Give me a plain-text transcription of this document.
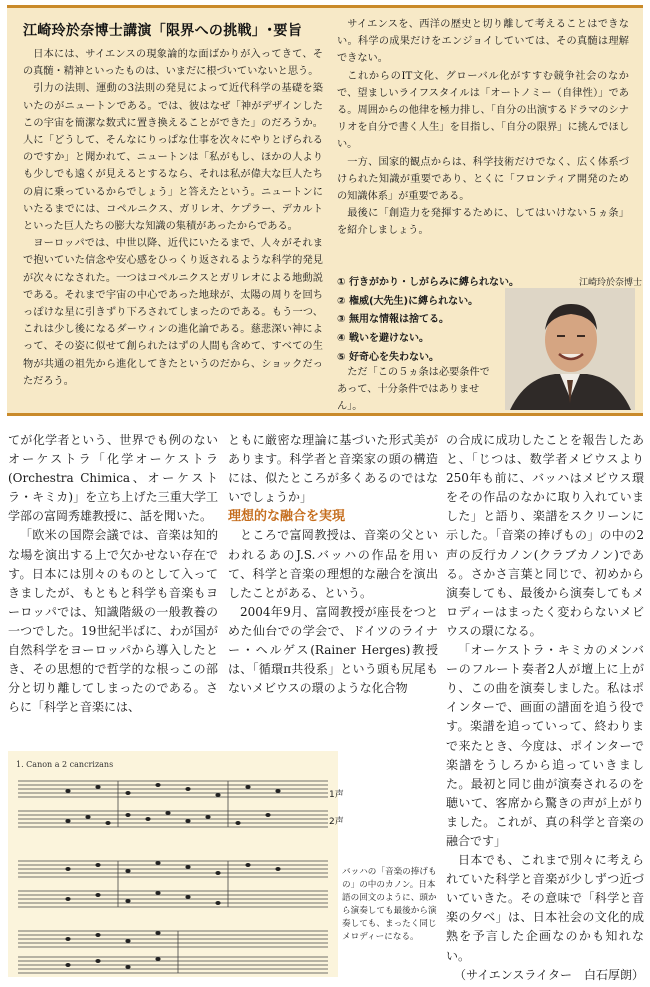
江崎玲於奈博士講演「限界への挑戦」･要旨

日本には、サイエンスの現象論的な面ばかりが入ってきて、その真髄・精神といったものは、いまだに根づいていないと思う。

引力の法則、運動の3法則の発見によって近代科学の基礎を築いたのがニュートンである。では、彼はなぜ「神がデザインしたこの宇宙を簡潔な数式に置き換えることができた」のだろうか。人に「どうして、そんなにりっぱな仕事を次々にやりとげられるのですか」と聞かれて、ニュートンは「私がもし、ほかの人よりも少しでも遠くが見えるとするなら、それは私が偉大な巨人たちの肩に乗っているからでしょう」と答えたという。ニュートンにいたるまでには、コペルニクス、ガリレオ、ケプラー、デカルトといった巨人たちの膨大な知識の集積があったからである。

ヨーロッパでは、中世以降、近代にいたるまで、人々がそれまで抱いていた信念や安心感をひっくり返されるような科学的発見が次々になされた。一つはコペルニクスとガリレオによる地動説である。それまで宇宙の中心であった地球が、太陽の周りを回ちっぽけな星に引きずり下ろされてしまったのである。もう一つ、これは少し後になるダーウィンの進化論である。慈悲深い神によって、その姿に似せて創られたはずの人間も含めて、すべての生物が共通の祖先から進化してきたというのだから、ショックだっただろう。

サイエンスを、西洋の歴史と切り離して考えることはできない。科学の成果だけをエンジョイしていては、その真髄は理解できない。

これからのIT文化、グローバル化がすすむ競争社会のなかで、望ましいライフスタイルは「オートノミー（自律性）」である。周囲からの他律を極力排し、「自分の出演するドラマのシナリオを自分で書く人生」を目指し、「自分の限界」に挑んでほしい。

一方、国家的観点からは、科学技術だけでなく、広く体系づけられた知識が重要であり、とくに「フロンティア開発のための知識体系」が重要である。

最後に「創造力を発揮するために、してはいけない５ヵ条」を紹介しましょう。

① 行きがかり・しがらみに縛られない。
② 権威(大先生)に縛られない。
③ 無用な情報は捨てる。
④ 戦いを避けない。
⑤ 好奇心を失わない。
江崎玲於奈博士
ただ「この５ヵ条は必要条件であって、十分条件ではありません」。

てが化学者という、世界でも例のないオーケストラ「化学オーケストラ(Orchestra Chimica、オーケストラ・キミカ)」を立ち上げた三重大学工学部の富岡秀雄教授に、話を聞いた。

「欧米の国際会議では、音楽は知的な場を演出する上で欠かせない存在です。日本には別々のものとして入ってきましたが、もともと科学も音楽もヨーロッパでは、知識階級の一般教養の一つでした。19世紀半ばに、わが国が自然科学をヨーロッパから導入したとき、その思想的で哲学的な根っこの部分と切り離してしまったのである。さらに「科学と音楽には、

ともに厳密な理論に基づいた形式美があります。科学者と音楽家の頭の構造には、似たところが多くあるのではないでしょうか」

理想的な融合を実現

ところで富岡教授は、音楽の父といわれるあのJ.S.バッハの作品を用いて、科学と音楽の理想的な融合を演出したことがある、という。

2004年9月、富岡教授が座長をつとめた仙台での学会で、ドイツのライナー・ヘルゲス(Rainer Herges)教授は、「循環π共役系」という頭も尻尾もないメビウスの環のような化合物

の合成に成功したことを報告したあと、「じつは、数学者メビウスより250年も前に、バッハはメビウス環をその作品のなかに取り入れていました」と語り、楽譜をスクリーンに示した。「音楽の捧げもの」の中の2声の反行カノン(クラブカノン)である。さかさ言葉と同じで、初めから演奏しても、最後から演奏してもメロディーはまったく変わらないメビウスの環になる。

「オーケストラ・キミカのメンバーのフルート奏者2人が壇上に上がり、この曲を演奏しました。私はポインターで、画面の譜面を追う役です。楽譜を追っていって、終わりまで来たとき、今度は、ポインターで楽譜をうしろから追っていきました。最初と同じ曲が演奏されるのを聴いて、客席から驚きの声が上がりました。これが、真の科学と音楽の融合です」

日本でも、これまで別々に考えられていた科学と音楽が少しずつ近づいていきた。その意味で「科学と音楽の夕べ」は、日本社会の文化的成熟を予言した企画なのかも知れない。

（サイエンスライター　白石厚朗）

1. Canon a 2 cancrizans
1声
2声
バッハの「音楽の捧げもの」の中のカノン。日本語の回文のように、頭から演奏しても最後から演奏しても、まったく同じメロディーになる。
